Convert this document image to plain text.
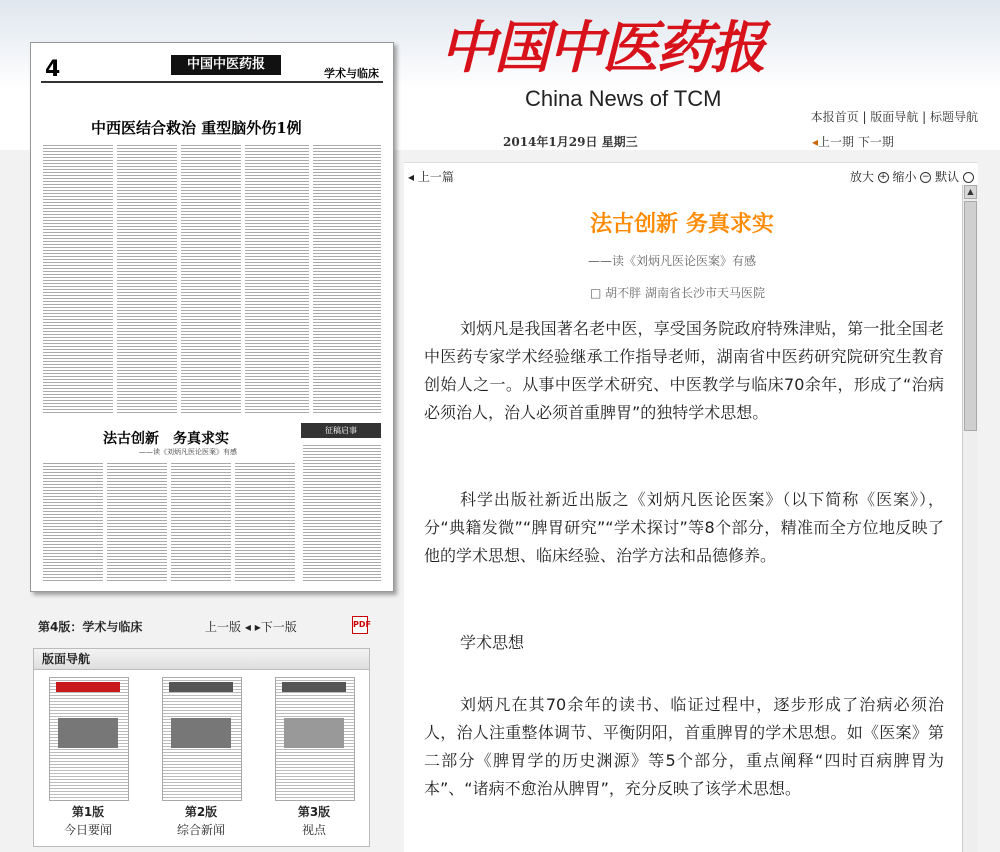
中国中医药报
China News of TCM
本报首页 | 版面导航 | 标题导航
2014年1月29日 星期三	◂上一期 下一期
4	中国中医药报
学术与临床
中西医结合救治 重型脑外伤1例
法古创新　务真求实
——读《刘炳凡医论医案》有感
征稿启事
第4版：学术与临床	上一版 ◂ ▸下一版	PDF
版面导航
第1版
今日要闻
第2版
综合新闻
第3版
视点
◂ 上一篇	放大 + 缩小 − 默认
法古创新 务真求实
——读《刘炳凡医论医案》有感
□ 胡不胖 湖南省长沙市天马医院
刘炳凡是我国著名老中医，享受国务院政府特殊津贴，第一批全国老中医药专家学术经验继承工作指导老师，湖南省中医药研究院研究生教育创始人之一。从事中医学术研究、中医教学与临床70余年，形成了“治病必须治人，治人必须首重脾胃”的独特学术思想。
科学出版社新近出版之《刘炳凡医论医案》（以下简称《医案》），分“典籍发微”“脾胃研究”“学术探讨”等8个部分，精准而全方位地反映了他的学术思想、临床经验、治学方法和品德修养。
学术思想
刘炳凡在其70余年的读书、临证过程中，逐步形成了治病必须治人，治人注重整体调节、平衡阴阳，首重脾胃的学术思想。如《医案》第二部分《脾胃学的历史渊源》等5个部分，重点阐释“四时百病脾胃为本”、“诸病不愈治从脾胃”，充分反映了该学术思想。
▲
